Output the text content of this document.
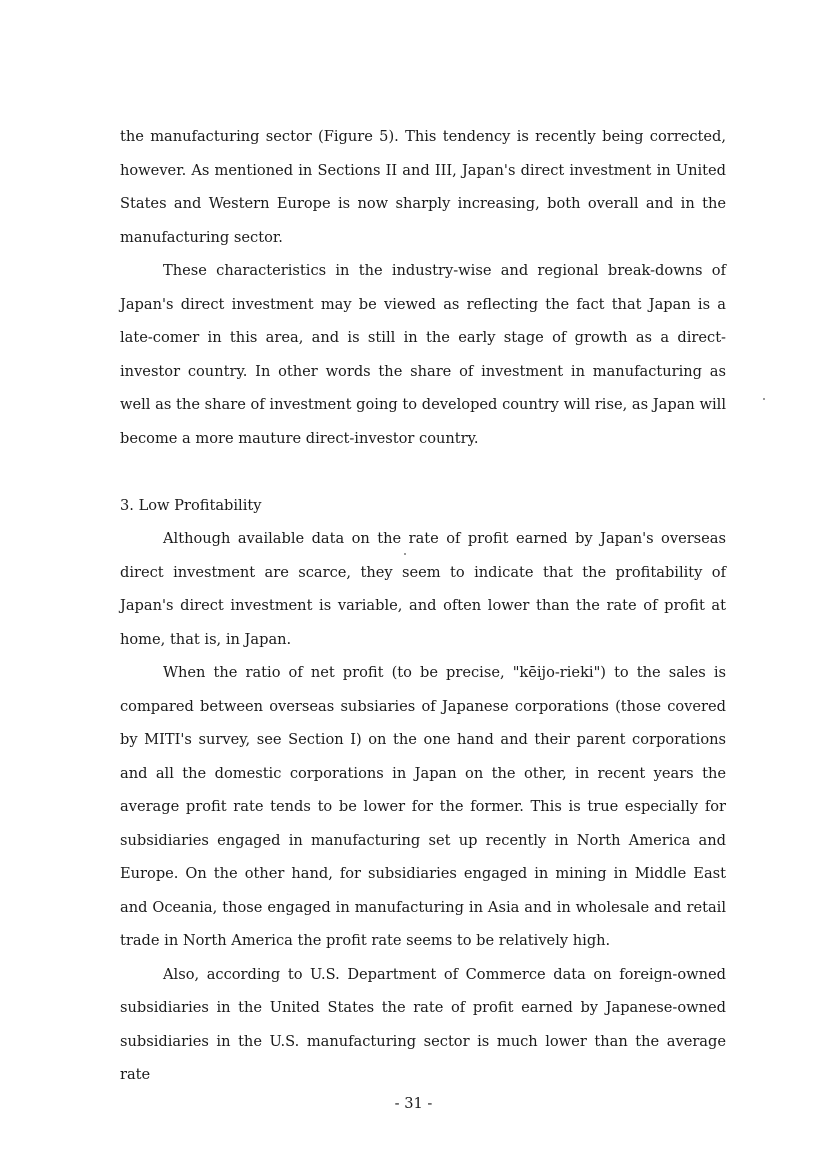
the manufacturing sector (Figure 5). This tendency is recently being corrected, however. As mentioned in Sections II and III, Japan's direct investment in United States and Western Europe is now sharply increasing, both overall and in the manufacturing sector.

These characteristics in the industry-wise and regional break-downs of Japan's direct investment may be viewed as reflecting the fact that Japan is a late-comer in this area, and is still in the early stage of growth as a direct-investor country. In other words the share of investment in manufacturing as well as the share of investment going to developed country will rise, as Japan will become a more mauture direct-investor country.

3. Low Profitability

Although available data on the rate of profit earned by Japan's overseas direct investment are scarce, they seem to indicate that the profitability of Japan's direct investment is variable, and often lower than the rate of profit at home, that is, in Japan.

When the ratio of net profit (to be precise, "kēijo-rieki") to the sales is compared between overseas subsiaries of Japanese corporations (those covered by MITI's survey, see Section I) on the one hand and their parent corporations and all the domestic corporations in Japan on the other, in recent years the average profit rate tends to be lower for the former. This is true especially for subsidiaries engaged in manufacturing set up recently in North America and Europe. On the other hand, for subsidiaries engaged in mining in Middle East and Oceania, those engaged in manufacturing in Asia and in wholesale and retail trade in North America the profit rate seems to be relatively high.

Also, according to U.S. Department of Commerce data on foreign-owned subsidiaries in the United States the rate of profit earned by Japanese-owned subsidiaries in the U.S. manufacturing sector is much lower than the average rate

- 31 -
